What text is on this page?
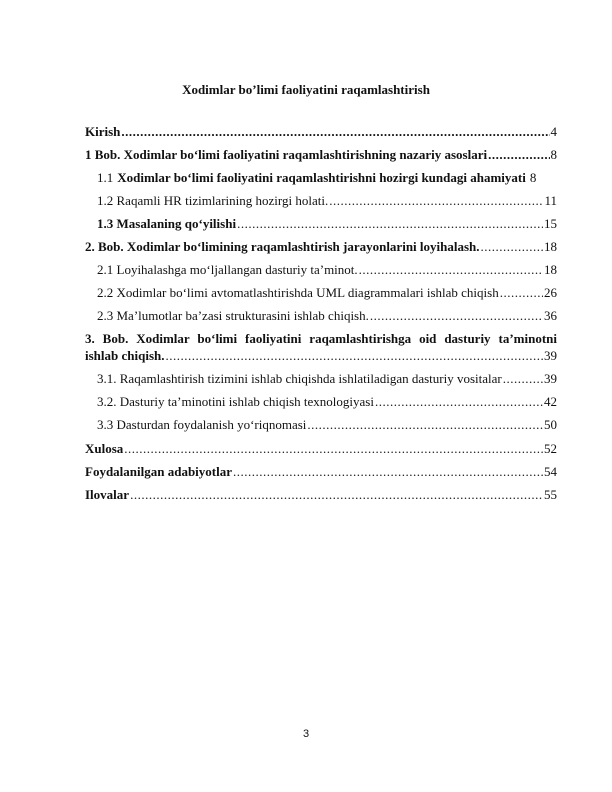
Xodimlar bo’limi faoliyatini raqamlashtirish
Kirish .....	4
1 Bob. Xodimlar bo‘limi faoliyatini raqamlashtirishning nazariy asoslari .....	8
1.1 Xodimlar bo‘limi faoliyatini raqamlashtirishni hozirgi kundagi ahamiyati 8
1.2 Raqamli HR tizimlarining hozirgi holati. .....	11
1.3 Masalaning qo‘yilishi .....	15
2. Bob. Xodimlar bo‘limining raqamlashtirish jarayonlarini loyihalash. .....	18
2.1 Loyihalashga mo‘ljallangan dasturiy ta’minot. .....	18
2.2 Xodimlar bo‘limi avtomatlashtirishda UML diagrammalari ishlab chiqish .....	26
2.3 Ma’lumotlar ba’zasi strukturasini ishlab chiqish. .....	36
3. Bob. Xodimlar bo‘limi faoliyatini raqamlashtirishga oid dasturiy ta’minotni
ishlab chiqish. .....	39
3.1. Raqamlashtirish tizimini ishlab chiqishda ishlatiladigan dasturiy vositalar .....	39
3.2. Dasturiy ta’minotini ishlab chiqish texnologiyasi .....	42
3.3 Dasturdan foydalanish yo‘riqnomasi .....	50
Xulosa .....	52
Foydalanilgan adabiyotlar .....	54
Ilovalar .....	55
3
